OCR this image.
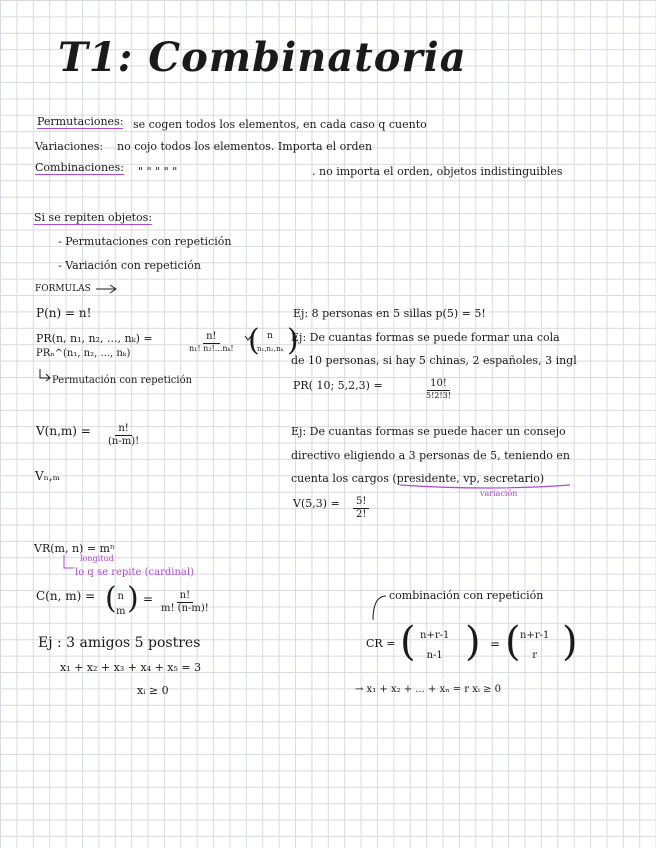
T1: Combinatoria
Permutaciones: se cogen todos los elementos, en cada caso q cuento
Variaciones: no cojo todos los elementos. Importa el orden
Combinaciones: " " " " "	. no importa el orden, objetos indistinguibles
Si se repiten objetos:
- Permutaciones con repetición
- Variación con repetición
FORMULAS
P(n) = n!
PR(n, n₁, n₂, ..., nₖ) =	n!
n₁! n₂!...nₖ! ( n
n₁,n₂,nₖ )
PRₙ^(n₁, n₂, ..., nₖ)
Permutación con repetición
$V(n,m) = \frac{n!}{(n-m)!}$
Vₙ,ₘ
VR(m, n) = mⁿ
longitud
lo q se repite (cardinal)
C(n, m) = ( n
m ) = $\frac{n!}{m! (n-m)!}$
Ej: 8 personas en 5 sillas p(5) = 5!
Ej: De cuantas formas se puede formar una cola
de 10 personas, si hay 5 chinas, 2 españoles, 3 ingl
PR( 10; 5,2,3) =	10!
5!2!3!
Ej: De cuantas formas se puede hacer un consejo
directivo eligiendo a 3 personas de 5, teniendo en
cuenta los cargos (presidente, vp, secretario)
variación
$V(5,3) = \frac{5!}{2!}$
Ej : 3 amigos 5 postres
x₁ + x₂ + x₃ + x₄ + x₅ = 3
xᵢ ≥ 0
combinación con repetición
CR = ( n+r-1
n-1 ) = ( n+r-1
r )
→ x₁ + x₂ + ... + xₙ = r xᵢ ≥ 0
